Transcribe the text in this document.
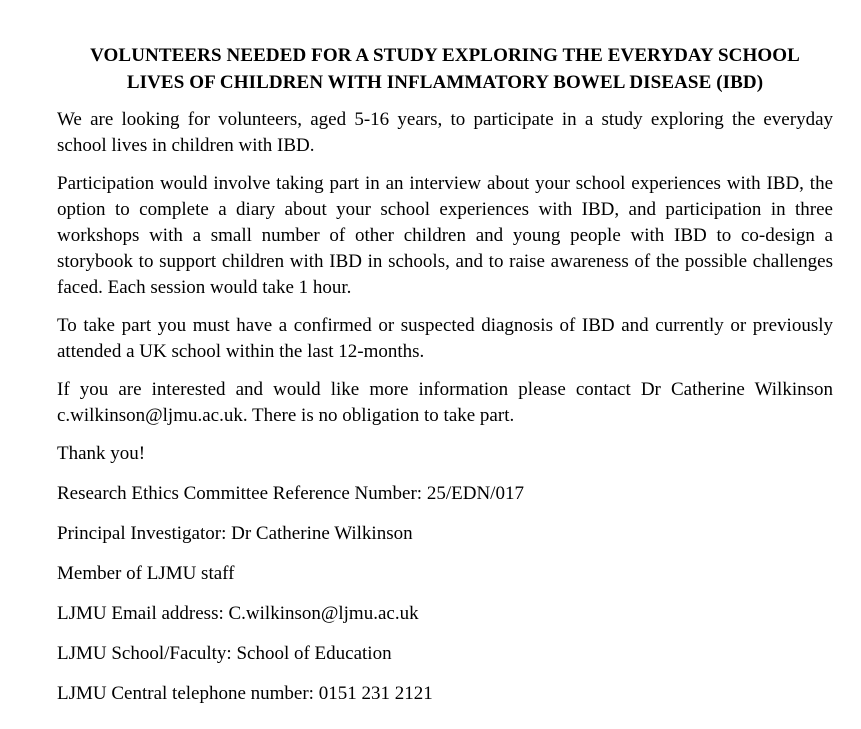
VOLUNTEERS NEEDED FOR A STUDY EXPLORING THE EVERYDAY SCHOOL
LIVES OF CHILDREN WITH INFLAMMATORY BOWEL DISEASE (IBD)

We are looking for volunteers, aged 5-16 years, to participate in a study exploring the everyday school lives in children with IBD.

Participation would involve taking part in an interview about your school experiences with IBD, the option to complete a diary about your school experiences with IBD, and participation in three workshops with a small number of other children and young people with IBD to co-design a storybook to support children with IBD in schools, and to raise awareness of the possible challenges faced. Each session would take 1 hour.

To take part you must have a confirmed or suspected diagnosis of IBD and currently or previously attended a UK school within the last 12-months.

If you are interested and would like more information please contact Dr Catherine Wilkinson c.wilkinson@ljmu.ac.uk. There is no obligation to take part.

Thank you!

Research Ethics Committee Reference Number: 25/EDN/017

Principal Investigator: Dr Catherine Wilkinson

Member of LJMU staff

LJMU Email address: C.wilkinson@ljmu.ac.uk

LJMU School/Faculty: School of Education

LJMU Central telephone number: 0151 231 2121
